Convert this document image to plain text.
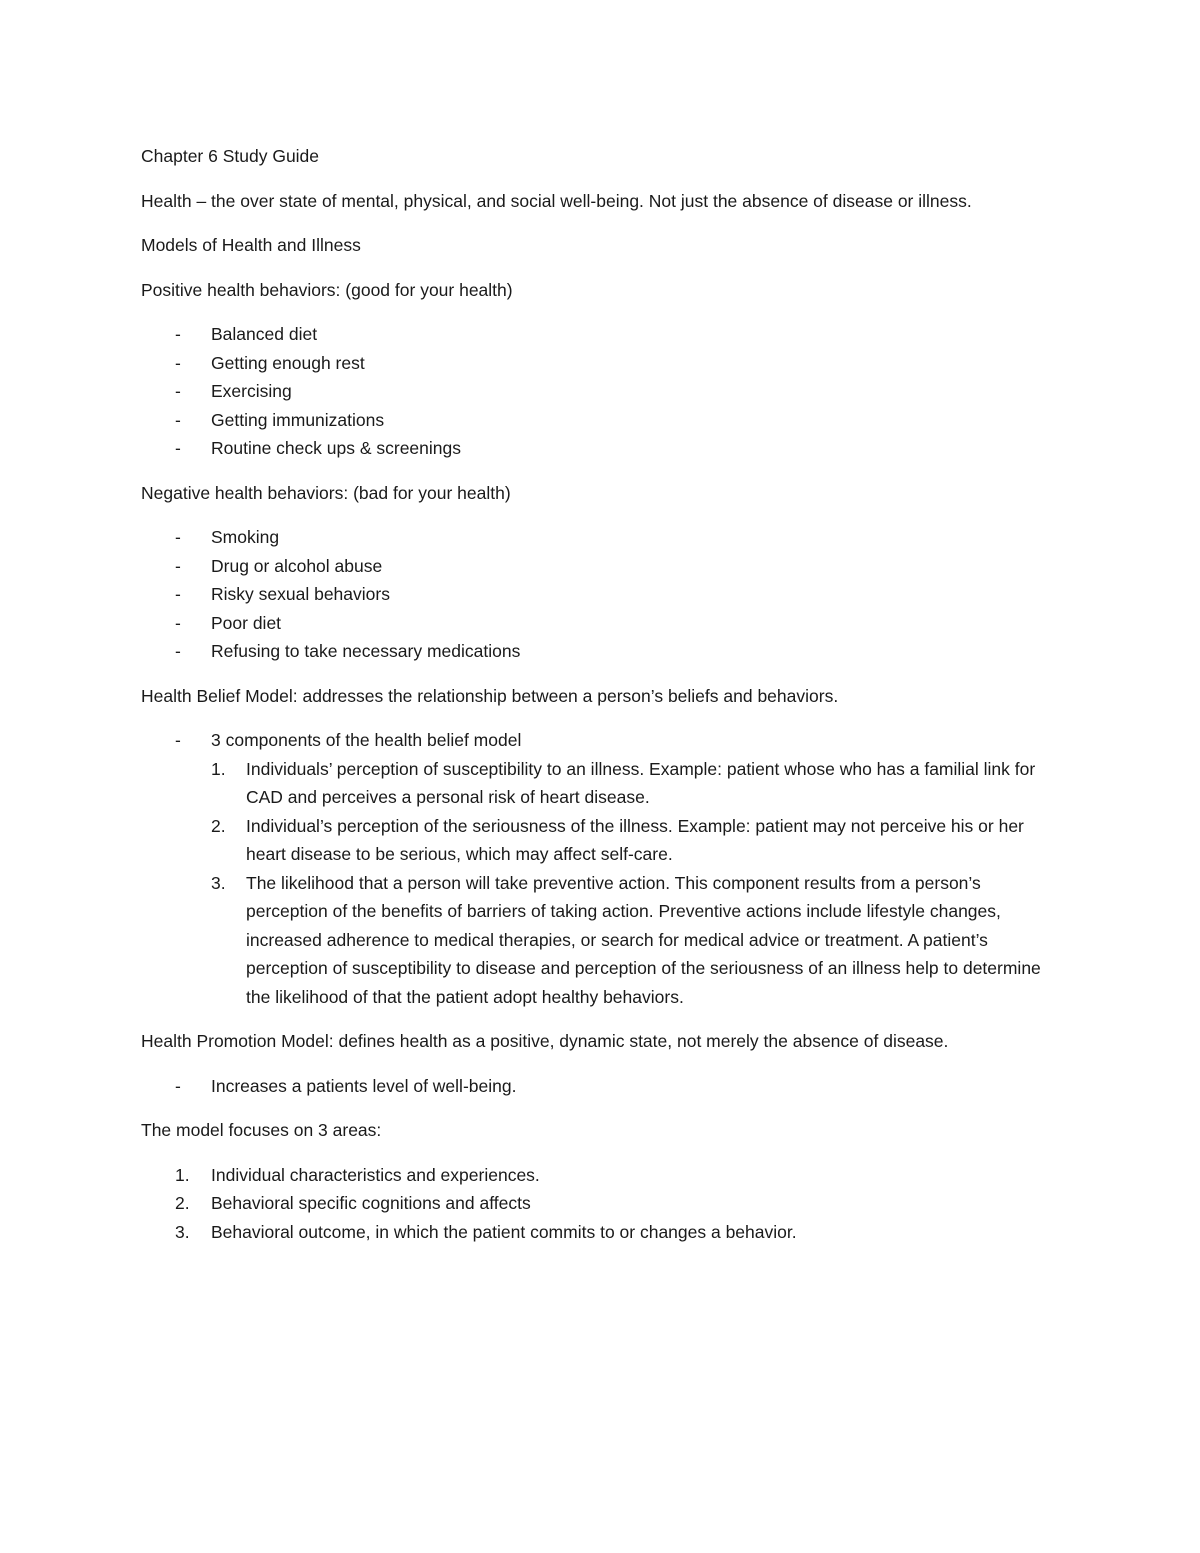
Chapter 6 Study Guide

Health – the over state of mental, physical, and social well-being. Not just the absence of disease or illness.

Models of Health and Illness

Positive health behaviors: (good for your health)

- Balanced diet
- Getting enough rest
- Exercising
- Getting immunizations
- Routine check ups & screenings

Negative health behaviors: (bad for your health)

- Smoking
- Drug or alcohol abuse
- Risky sexual behaviors
- Poor diet
- Refusing to take necessary medications

Health Belief Model: addresses the relationship between a person’s beliefs and behaviors.

- 3 components of the health belief model
1. Individuals’ perception of susceptibility to an illness. Example: patient whose who has a familial link for CAD and perceives a personal risk of heart disease.
2. Individual’s perception of the seriousness of the illness. Example: patient may not perceive his or her heart disease to be serious, which may affect self-care.
3. The likelihood that a person will take preventive action. This component results from a person’s perception of the benefits of barriers of taking action. Preventive actions include lifestyle changes, increased adherence to medical therapies, or search for medical advice or treatment. A patient’s perception of susceptibility to disease and perception of the seriousness of an illness help to determine the likelihood of that the patient adopt healthy behaviors.

Health Promotion Model: defines health as a positive, dynamic state, not merely the absence of disease.

- Increases a patients level of well-being.

The model focuses on 3 areas:

1. Individual characteristics and experiences.
2. Behavioral specific cognitions and affects
3. Behavioral outcome, in which the patient commits to or changes a behavior.
